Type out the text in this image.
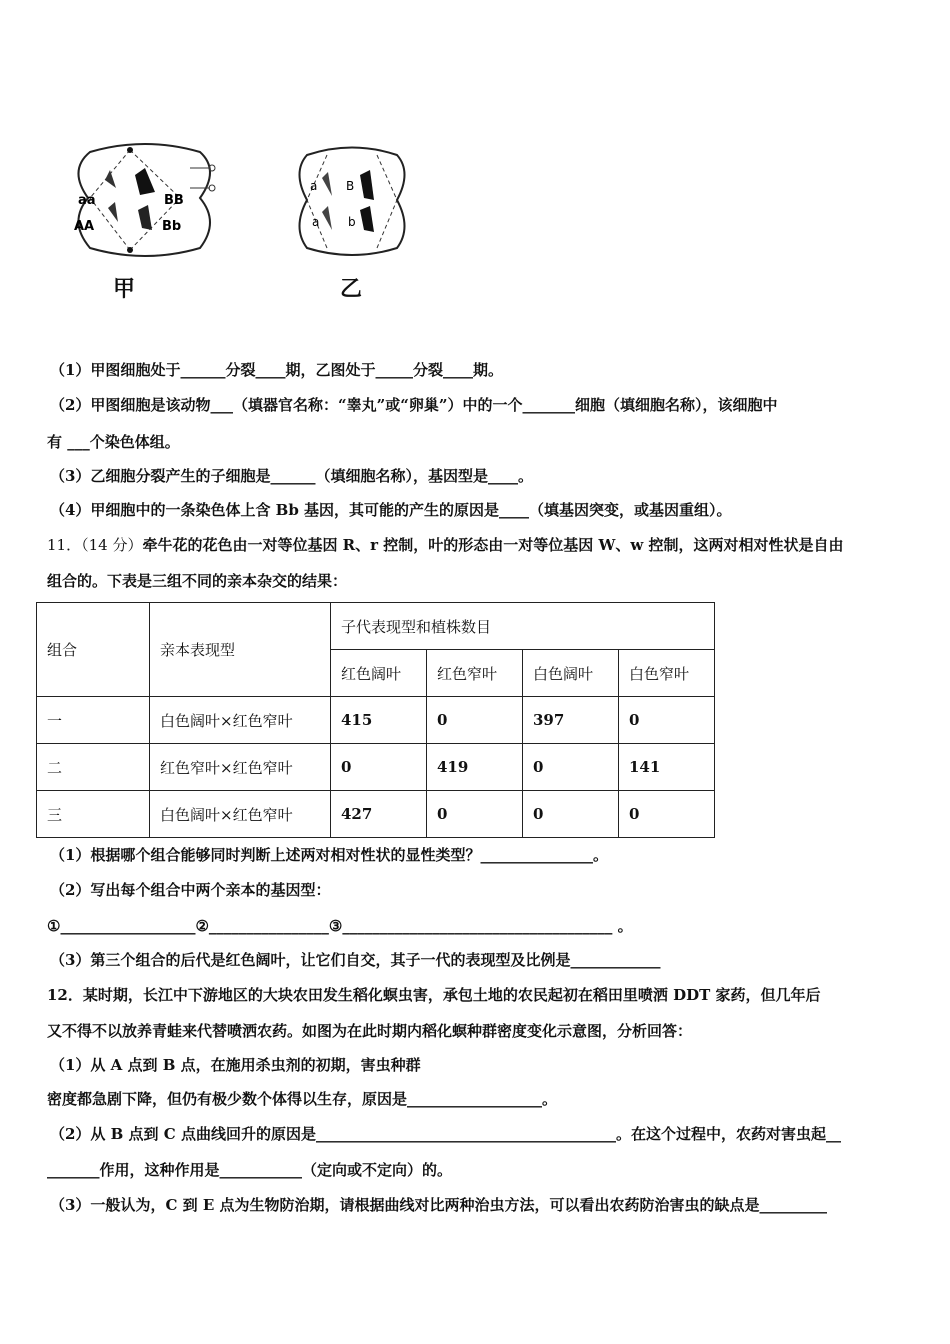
aa
AA
BB
Bb
甲
a
a
B
b
乙
（1）甲图细胞处于______分裂____期，乙图处于_____分裂____期。
（2）甲图细胞是该动物___（填器官名称：“睾丸”或“卵巢”）中的一个_______细胞（填细胞名称），该细胞中
有 ___个染色体组。
（3）乙细胞分裂产生的子细胞是______（填细胞名称），基因型是____。
（4）甲细胞中的一条染色体上含 Bb 基因，其可能的产生的原因是____（填基因突变，或基因重组）。
11．（14 分）牵牛花的花色由一对等位基因 R、r 控制，叶的形态由一对等位基因 W、w 控制，这两对相对性状是自由
组合的。下表是三组不同的亲本杂交的结果：
组合	亲本表现型	子代表现型和植株数目			
		红色阔叶	红色窄叶	白色阔叶	白色窄叶
一	白色阔叶×红色窄叶	415	0	397	0
二	红色窄叶×红色窄叶	0	419	0	141
三	白色阔叶×红色窄叶	427	0	0	0
（1）根据哪个组合能够同时判断上述两对相对性状的显性类型？_______________。
（2）写出每个组合中两个亲本的基因型：
①__________________②________________③____________________________________ 。
（3）第三个组合的后代是红色阔叶，让它们自交，其子一代的表现型及比例是____________
12．某时期，长江中下游地区的大块农田发生稻化螟虫害，承包土地的农民起初在稻田里喷洒 DDT 家药，但几年后
又不得不以放养青蛙来代替喷洒农药。如图为在此时期内稻化螟种群密度变化示意图，分析回答：
（1）从 A 点到 B 点，在施用杀虫剂的初期，害虫种群
密度都急剧下降，但仍有极少数个体得以生存，原因是__________________。
（2）从 B 点到 C 点曲线回升的原因是________________________________________。在这个过程中，农药对害虫起__
_______作用，这种作用是___________（定向或不定向）的。
（3）一般认为，C 到 E 点为生物防治期，请根据曲线对比两种治虫方法，可以看出农药防治害虫的缺点是_________
